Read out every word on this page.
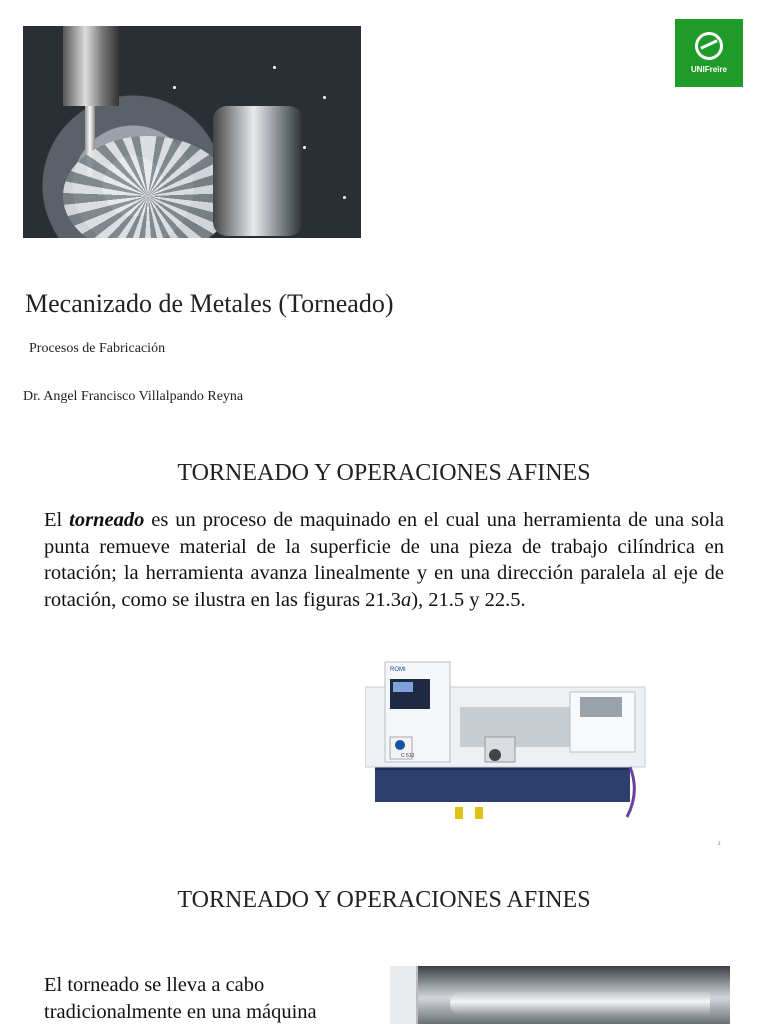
UNIFreire
Mecanizado de Metales (Torneado)
Procesos de Fabricación
Dr. Angel Francisco Villalpando Reyna
TORNEADO Y OPERACIONES AFINES
El torneado es un proceso de maquinado en el cual una herramienta de una sola punta remueve material de la superficie de una pieza de trabajo cilíndrica en rotación; la herramienta avanza linealmente y en una dirección paralela al eje de rotación, como se ilustra en las figuras 21.3a), 21.5 y 22.5.
ROMI
C 510
²
TORNEADO Y OPERACIONES AFINES
El torneado se lleva a cabo tradicionalmente en una máquina
